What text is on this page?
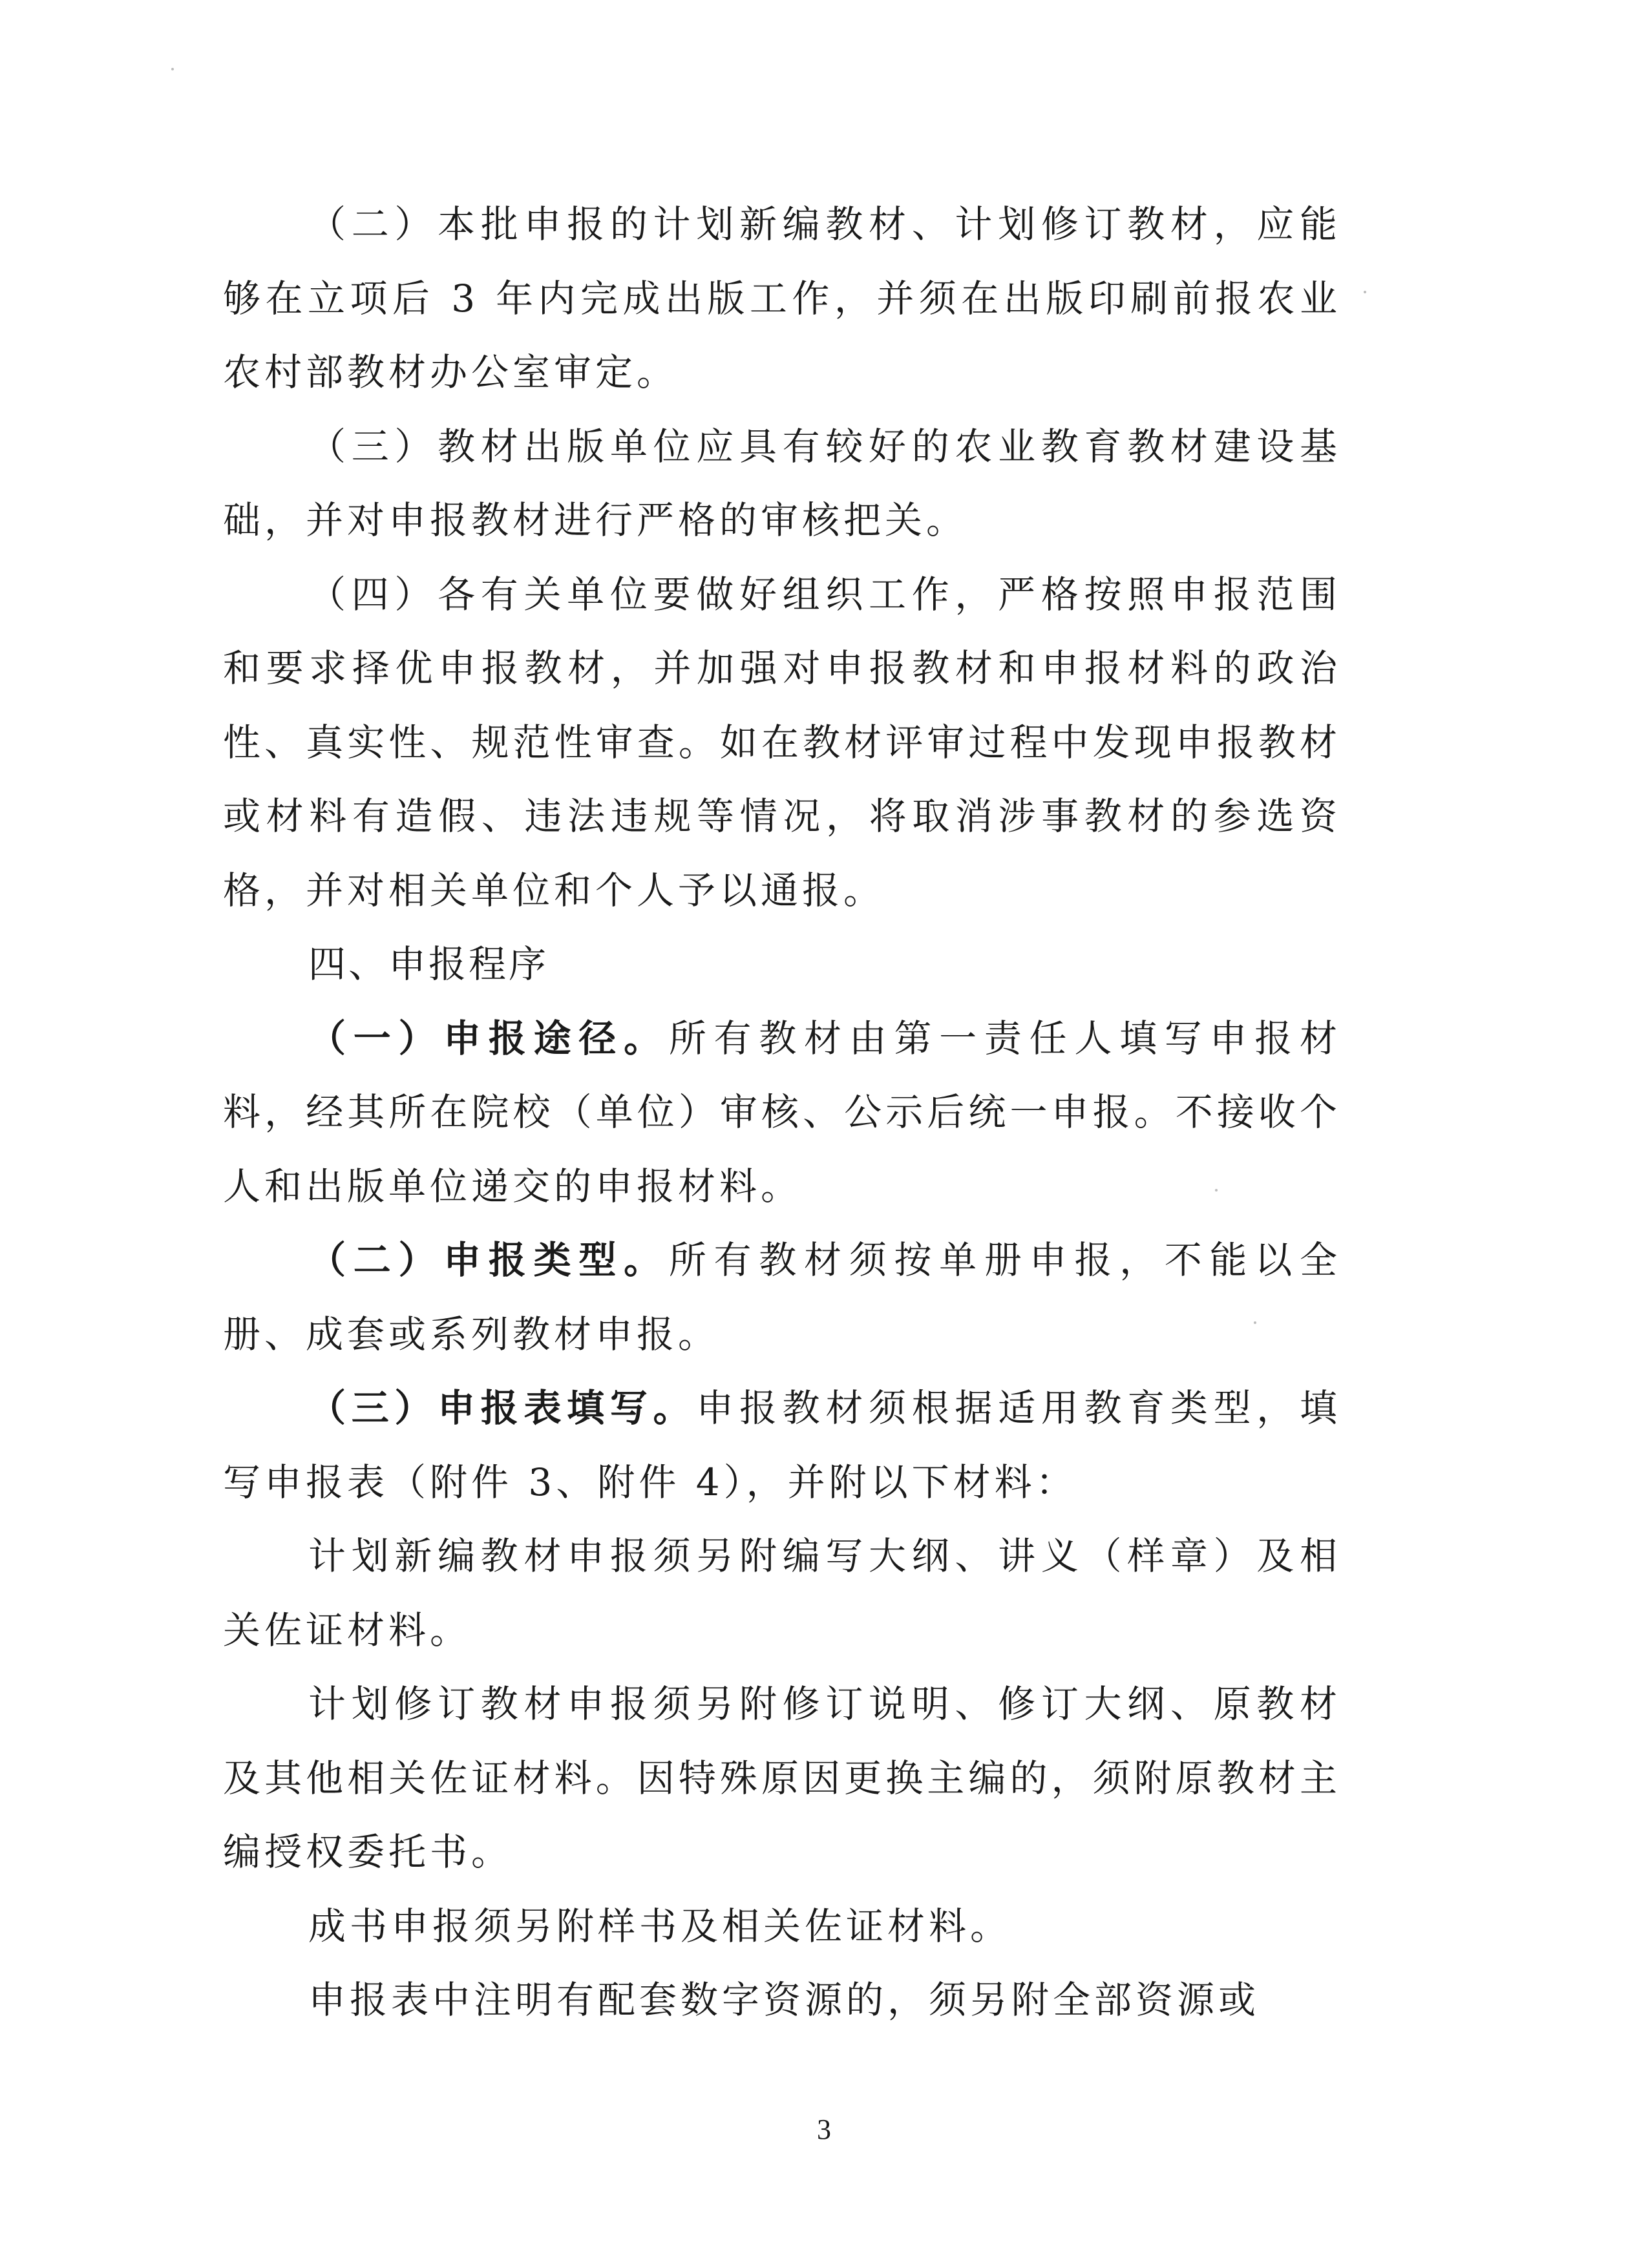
（二）本批申报的计划新编教材、计划修订教材，应能够在立项后 3 年内完成出版工作，并须在出版印刷前报农业农村部教材办公室审定。

（三）教材出版单位应具有较好的农业教育教材建设基础，并对申报教材进行严格的审核把关。

（四）各有关单位要做好组织工作，严格按照申报范围和要求择优申报教材，并加强对申报教材和申报材料的政治性、真实性、规范性审查。如在教材评审过程中发现申报教材或材料有造假、违法违规等情况，将取消涉事教材的参选资格，并对相关单位和个人予以通报。

四、申报程序

（一）申报途径。所有教材由第一责任人填写申报材料，经其所在院校（单位）审核、公示后统一申报。不接收个人和出版单位递交的申报材料。

（二）申报类型。所有教材须按单册申报，不能以全册、成套或系列教材申报。

（三）申报表填写。申报教材须根据适用教育类型，填写申报表（附件 3、附件 4），并附以下材料：

计划新编教材申报须另附编写大纲、讲义（样章）及相关佐证材料。

计划修订教材申报须另附修订说明、修订大纲、原教材及其他相关佐证材料。因特殊原因更换主编的，须附原教材主编授权委托书。

成书申报须另附样书及相关佐证材料。

申报表中注明有配套数字资源的，须另附全部资源或

3
